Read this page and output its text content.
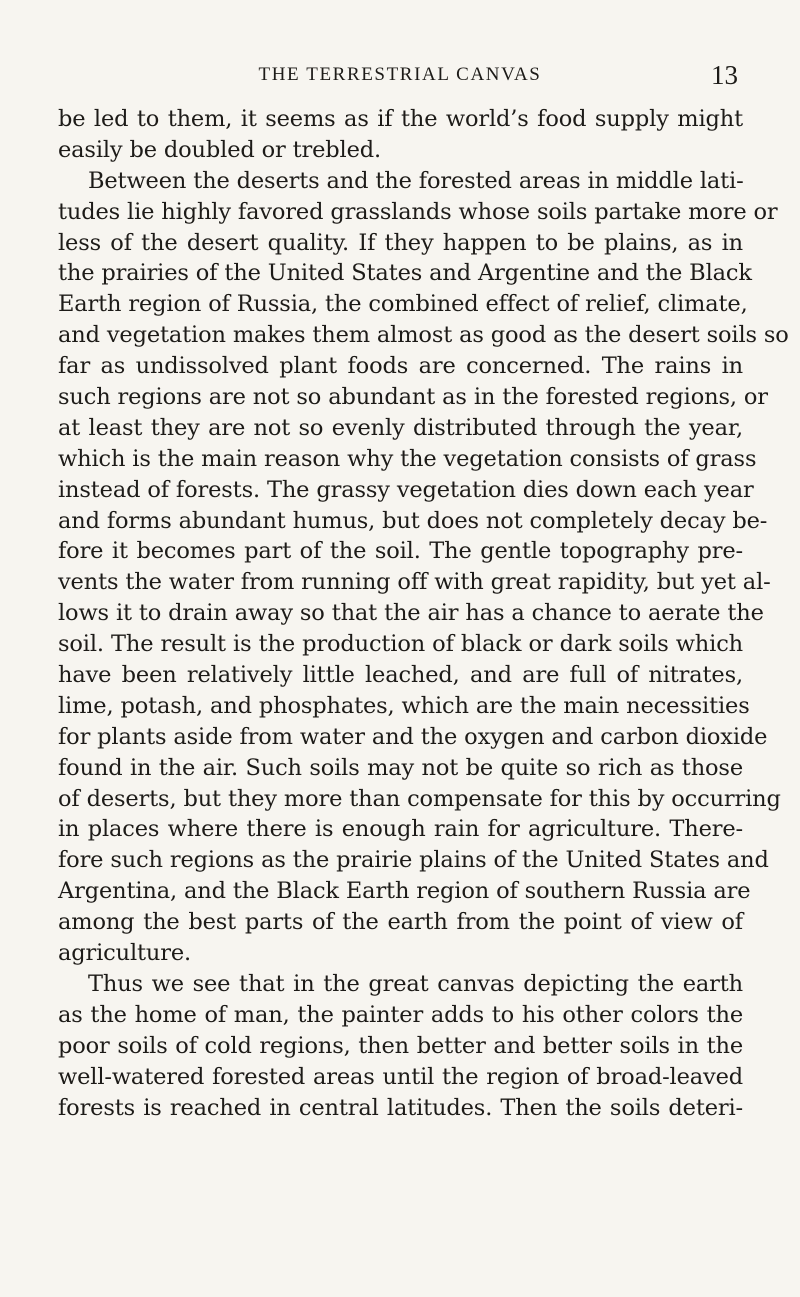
THE TERRESTRIAL CANVAS	13
be led to them, it seems as if the world’s food supply might
easily be doubled or trebled.
Between the deserts and the forested areas in middle lati-
tudes lie highly favored grasslands whose soils partake more or
less of the desert quality. If they happen to be plains, as in
the prairies of the United States and Argentine and the Black
Earth region of Russia, the combined effect of relief, climate,
and vegetation makes them almost as good as the desert soils so
far as undissolved plant foods are concerned. The rains in
such regions are not so abundant as in the forested regions, or
at least they are not so evenly distributed through the year,
which is the main reason why the vegetation consists of grass
instead of forests. The grassy vegetation dies down each year
and forms abundant humus, but does not completely decay be-
fore it becomes part of the soil. The gentle topography pre-
vents the water from running off with great rapidity, but yet al-
lows it to drain away so that the air has a chance to aerate the
soil. The result is the production of black or dark soils which
have been relatively little leached, and are full of nitrates,
lime, potash, and phosphates, which are the main necessities
for plants aside from water and the oxygen and carbon dioxide
found in the air. Such soils may not be quite so rich as those
of deserts, but they more than compensate for this by occurring
in places where there is enough rain for agriculture. There-
fore such regions as the prairie plains of the United States and
Argentina, and the Black Earth region of southern Russia are
among the best parts of the earth from the point of view of
agriculture.
Thus we see that in the great canvas depicting the earth
as the home of man, the painter adds to his other colors the
poor soils of cold regions, then better and better soils in the
well-watered forested areas until the region of broad-leaved
forests is reached in central latitudes. Then the soils deteri-
